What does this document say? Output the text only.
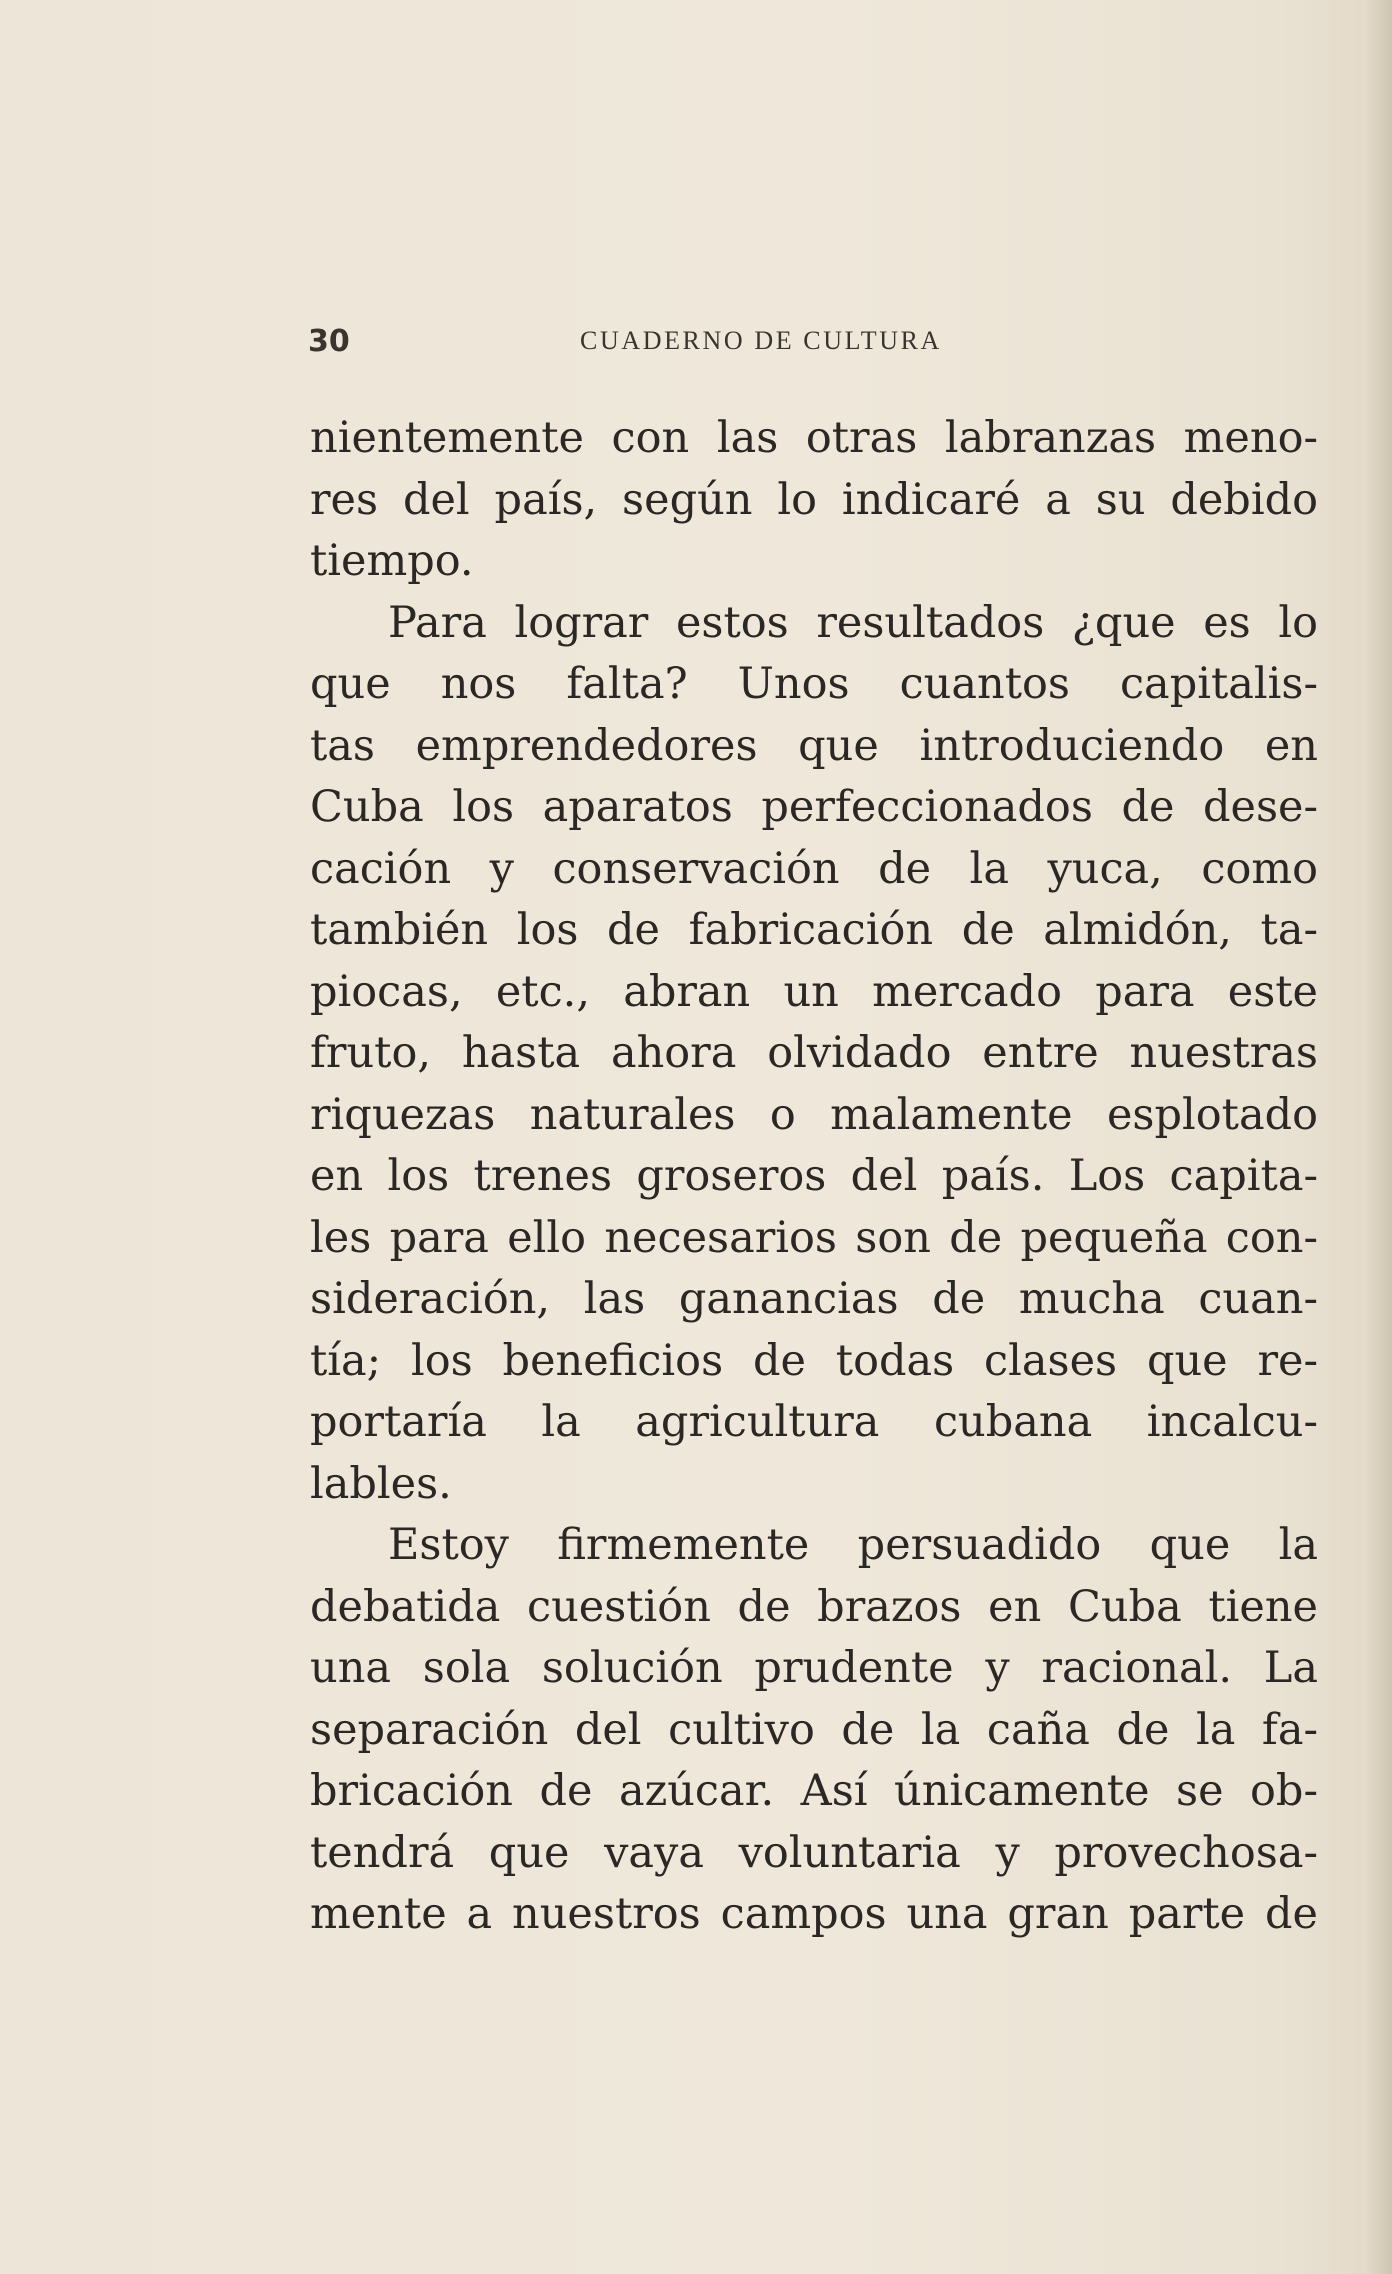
30	CUADERNO DE CULTURA

nientemente con las otras labranzas meno-

res del país, según lo indicaré a su debido

tiempo.

Para lograr estos resultados ¿que es lo

que nos falta? Unos cuantos capitalis-

tas emprendedores que introduciendo en

Cuba los aparatos perfeccionados de dese-

cación y conservación de la yuca, como

también los de fabricación de almidón, ta-

piocas, etc., abran un mercado para este

fruto, hasta ahora olvidado entre nuestras

riquezas naturales o malamente esplotado

en los trenes groseros del país. Los capita-

les para ello necesarios son de pequeña con-

sideración, las ganancias de mucha cuan-

tía; los beneficios de todas clases que re-

portaría la agricultura cubana incalcu-

lables.

Estoy firmemente persuadido que la

debatida cuestión de brazos en Cuba tiene

una sola solución prudente y racional. La

separación del cultivo de la caña de la fa-

bricación de azúcar. Así únicamente se ob-

tendrá que vaya voluntaria y provechosa-

mente a nuestros campos una gran parte de
